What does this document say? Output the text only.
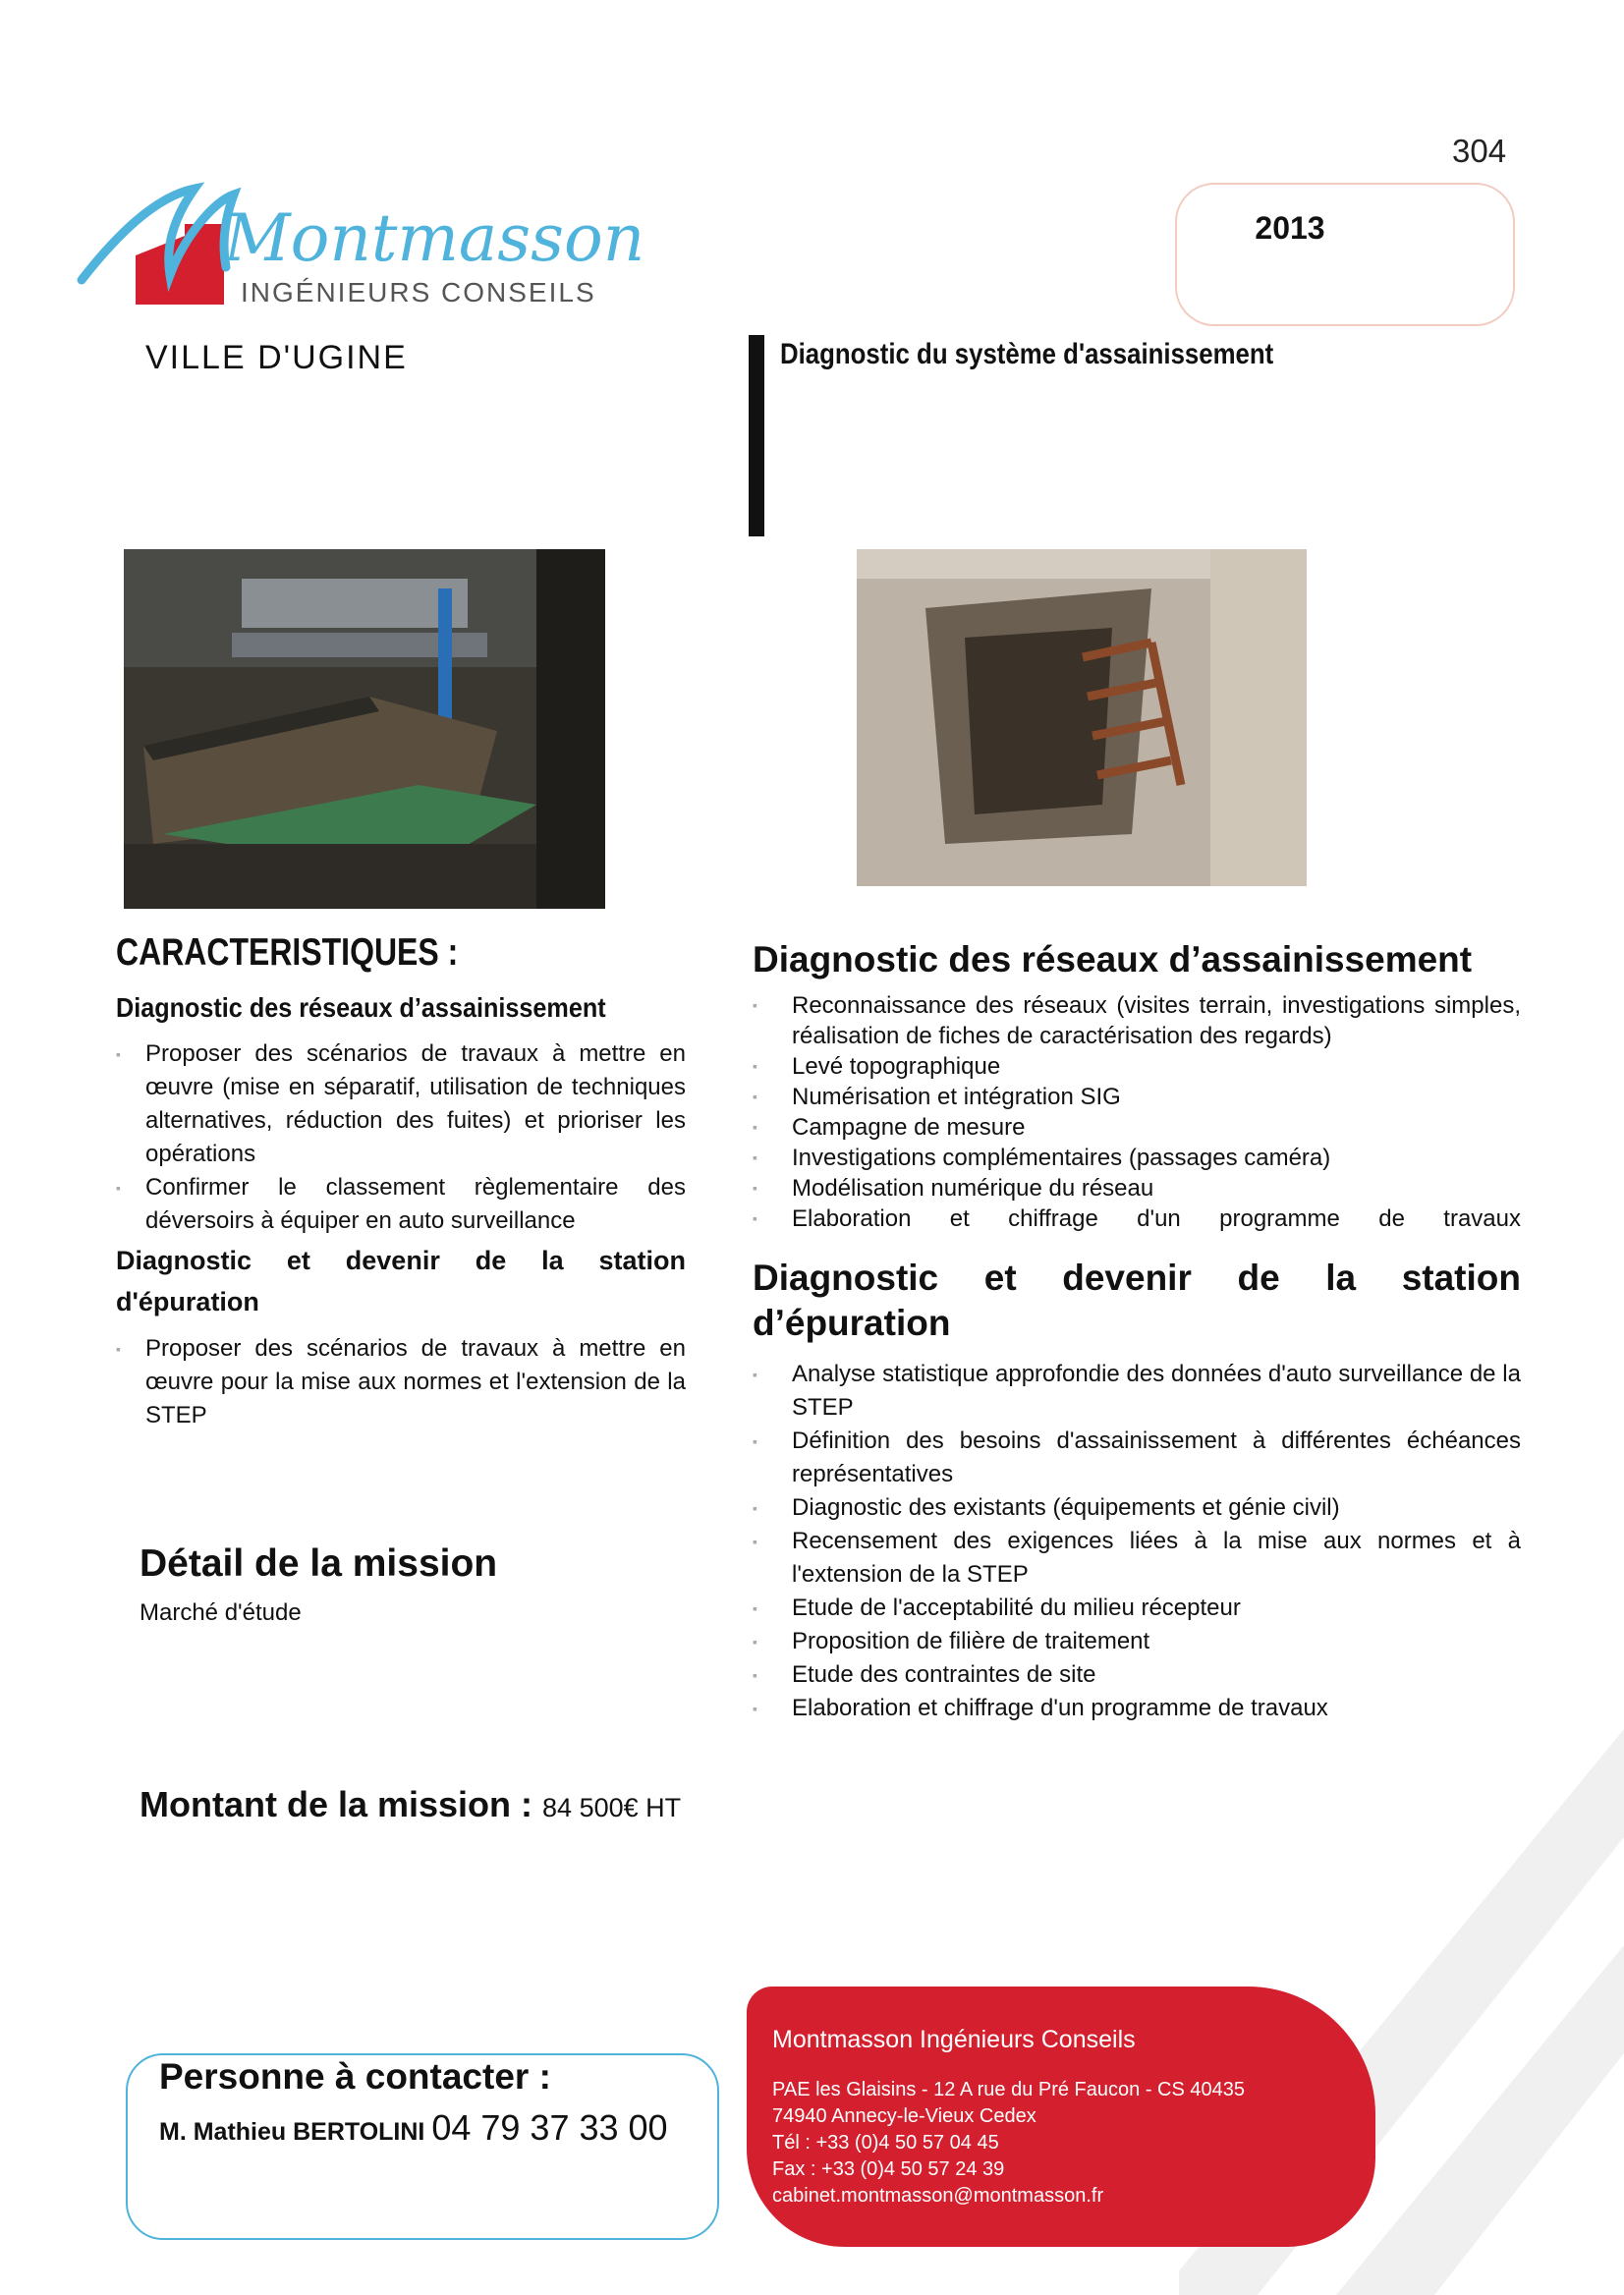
304
2013
Montmasson
INGÉNIEURS CONSEILS
VILLE D'UGINE	Diagnostic du système d'assainissement
CARACTERISTIQUES :
Diagnostic des réseaux d’assainissement
▪ Proposer des scénarios de travaux à mettre en œuvre (mise en séparatif, utilisation de techniques alternatives, réduction des fuites) et prioriser les opérations
▪ Confirmer le classement règlementaire des déversoirs à équiper en auto surveillance
Diagnostic et devenir de la station d'épuration
▪ Proposer des scénarios de travaux à mettre en œuvre pour la mise aux normes et l'extension de la STEP
Diagnostic des réseaux d’assainissement
▪ Reconnaissance des réseaux (visites terrain, investigations simples, réalisation de fiches de caractérisation des regards)
▪ Levé topographique
▪ Numérisation et intégration SIG
▪ Campagne de mesure
▪ Investigations complémentaires (passages caméra)
▪ Modélisation numérique du réseau
▪ Elaboration et chiffrage d'un programme de travaux
Diagnostic et devenir de la station d’épuration
▪ Analyse statistique approfondie des données d'auto surveillance de la STEP
▪ Définition des besoins d'assainissement à différentes échéances représentatives
▪ Diagnostic des existants (équipements et génie civil)
▪ Recensement des exigences liées à la mise aux normes et à l'extension de la STEP
▪ Etude de l'acceptabilité du milieu récepteur
▪ Proposition de filière de traitement
▪ Etude des contraintes de site
▪ Elaboration et chiffrage d'un programme de travaux
Détail de la mission
Marché d'étude
Montant de la mission : 84 500€ HT
Personne à contacter :
M. Mathieu BERTOLINI 04 79 37 33 00
Montmasson Ingénieurs Conseils
PAE les Glaisins - 12 A rue du Pré Faucon - CS 40435
74940 Annecy-le-Vieux Cedex
Tél : +33 (0)4 50 57 04 45
Fax : +33 (0)4 50 57 24 39
cabinet.montmasson@montmasson.fr
